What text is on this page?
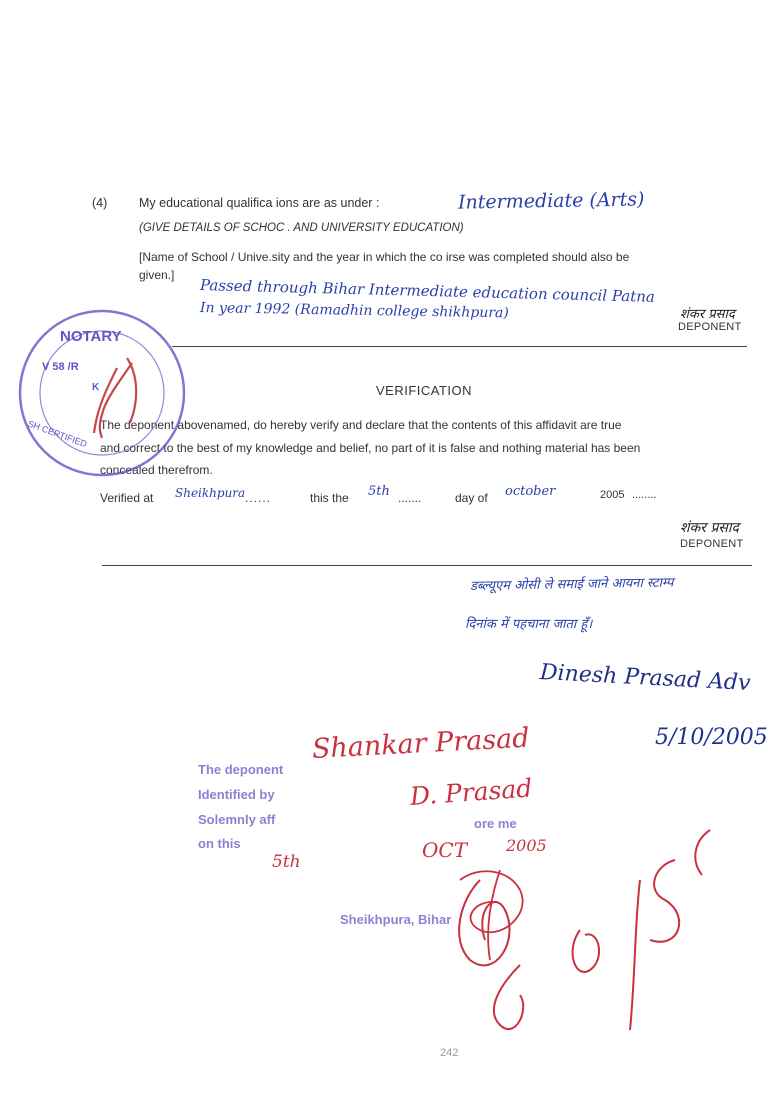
(4)	My educational qualifica ions are as under :	Intermediate (Arts)
(GIVE DETAILS OF SCHOC . AND UNIVERSITY EDUCATION)
[Name of School / Unive.sity and the year in which the co irse was completed should also be
given.]
Passed through Bihar Intermediate education council Patna
In year 1992 (Ramadhin college shikhpura)	शंकर प्रसाद
DEPONENT
VERIFICATION
The deponent abovenamed, do hereby verify and declare that the contents of this affidavit are true
and correct to the best of my knowledge and belief, no part of it is false and nothing material has been
concealed therefrom.
Verified at Sheikhpura ......	this the 5th .......	day of october	2005 ........
शंकर प्रसाद
DEPONENT
डब्ल्यूएम ओसी ले समाई जाने आयना स्टाम्प
दिनांक में पहचाना जाता हूँ।
Dinesh Prasad Adv
5/10/2005
NOTARY
V 58 /R
K
SH CERTIFIED
The deponent
Shankar Prasad
Identified by	D. Prasad
Solemnly aff	ore me
on this
5th	OCT 2005
Sheikhpura, Bihar
242
